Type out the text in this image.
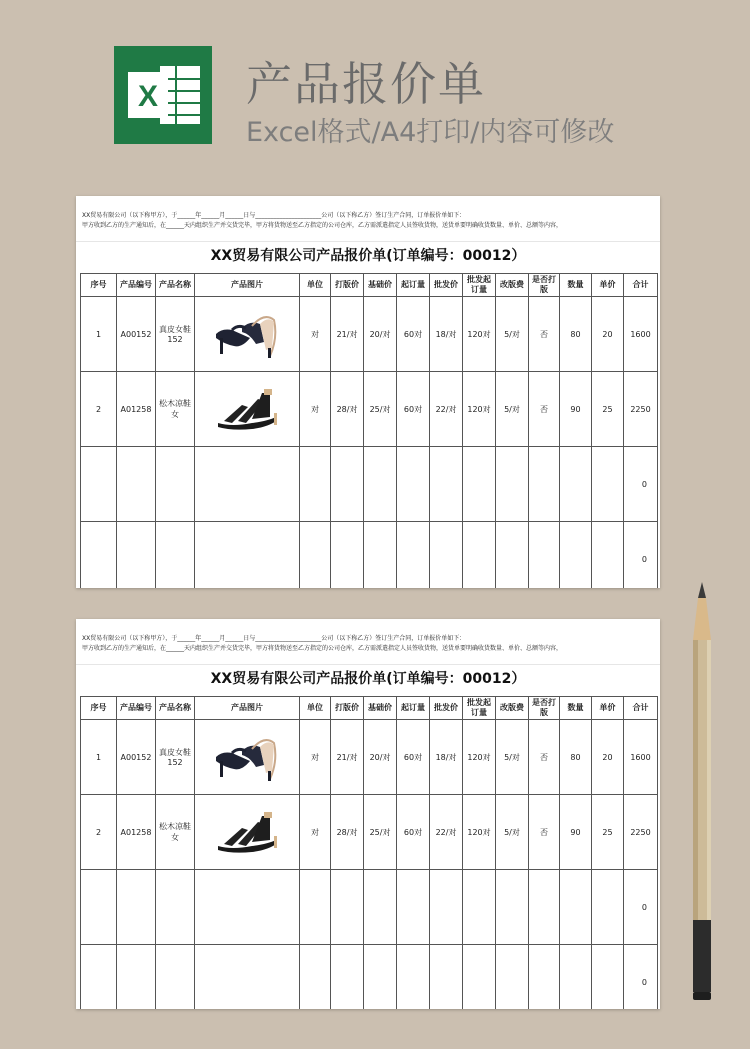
X 产品报价单
Excel格式/A4打印/内容可修改
XX贸易有限公司（以下称甲方），于______年______月______日与______________________公司（以下称乙方）签订生产合同，订单报价单如下：
甲方收到乙方的生产通知后，在______天内组织生产并交货完毕，甲方将货物送至乙方指定的公司仓库，乙方需派遣指定人员签收货物，送货单要明确收货数量、单价、总额等内容，
XX贸易有限公司产品报价单(订单编号：00012）
序号	产品编号	产品名称	产品图片	单位	打版价	基础价	起订量	批发价	批发起订量	改版费	是否打版	数量	单价	合计
1	A00152	真皮女鞋152		对	21/对	20/对	60对	18/对	120对	5/对	否	80	20	1600
2	A01258	松木凉鞋女		对	28/对	25/对	60对	22/对	120对	5/对	否	90	25	2250
														0
														0
XX贸易有限公司（以下称甲方），于______年______月______日与______________________公司（以下称乙方）签订生产合同，订单报价单如下：
甲方收到乙方的生产通知后，在______天内组织生产并交货完毕，甲方将货物送至乙方指定的公司仓库，乙方需派遣指定人员签收货物，送货单要明确收货数量、单价、总额等内容，
XX贸易有限公司产品报价单(订单编号：00012）
序号	产品编号	产品名称	产品图片	单位	打版价	基础价	起订量	批发价	批发起订量	改版费	是否打版	数量	单价	合计
1	A00152	真皮女鞋152		对	21/对	20/对	60对	18/对	120对	5/对	否	80	20	1600
2	A01258	松木凉鞋女		对	28/对	25/对	60对	22/对	120对	5/对	否	90	25	2250
														0
														0
